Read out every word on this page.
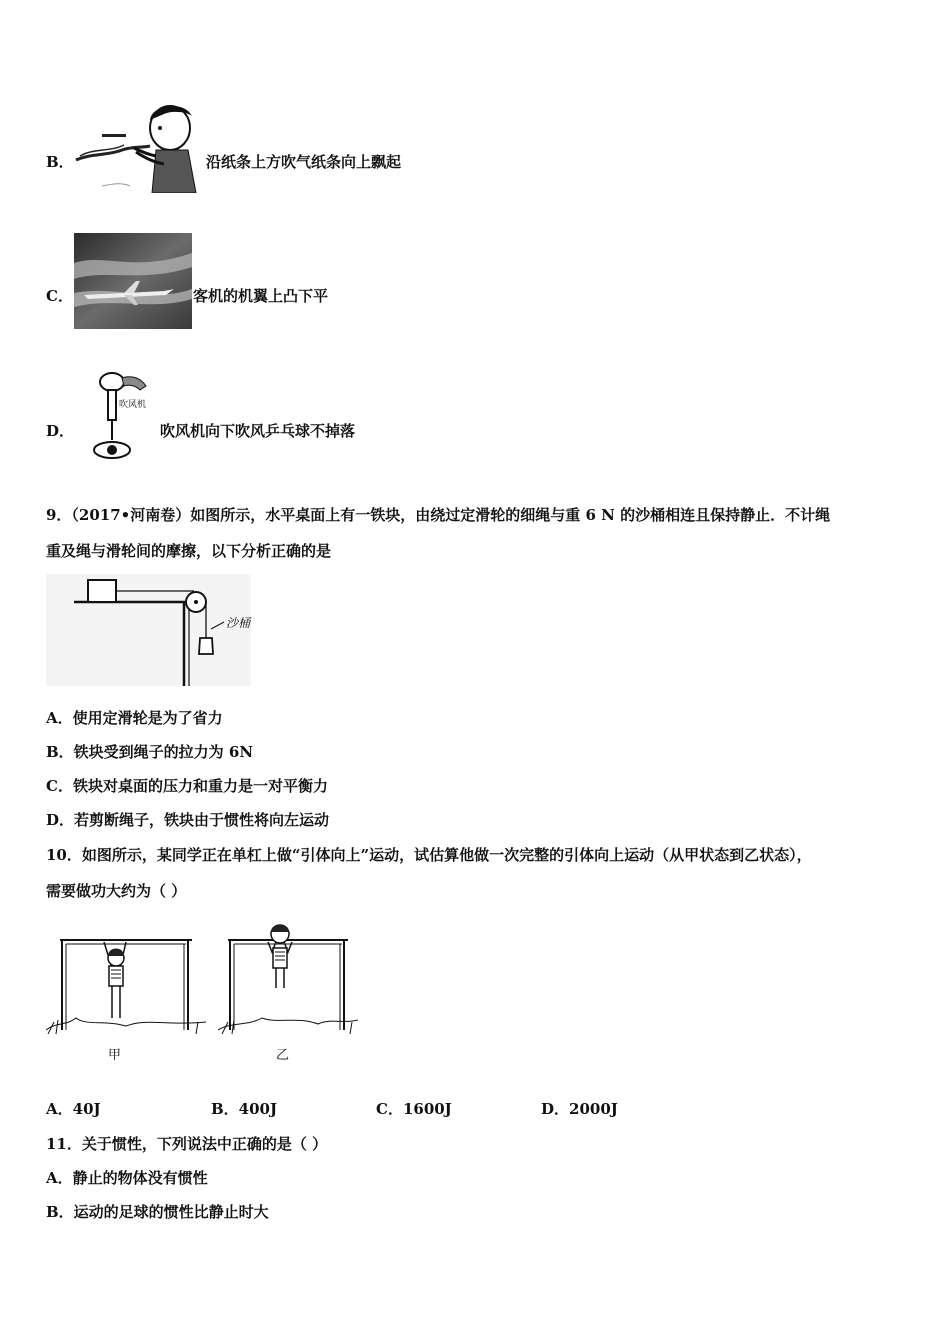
B．	沿纸条上方吹气纸条向上飘起
C．	客机的机翼上凸下平
D．
吹风机
吹风机向下吹风乒乓球不掉落
9．（2017•河南卷）如图所示，水平桌面上有一铁块，由绕过定滑轮的细绳与重 6 N 的沙桶相连且保持静止．不计绳
重及绳与滑轮间的摩擦，以下分析正确的是
沙桶
A．使用定滑轮是为了省力
B．铁块受到绳子的拉力为 6N
C．铁块对桌面的压力和重力是一对平衡力
D．若剪断绳子，铁块由于惯性将向左运动
10．如图所示，某同学正在单杠上做“引体向上”运动，试估算他做一次完整的引体向上运动（从甲状态到乙状态），
需要做功大约为（ ）
甲	乙
A．40J	B．400J	C．1600J	D．2000J
11．关于惯性，下列说法中正确的是（ ）
A．静止的物体没有惯性
B．运动的足球的惯性比静止时大
